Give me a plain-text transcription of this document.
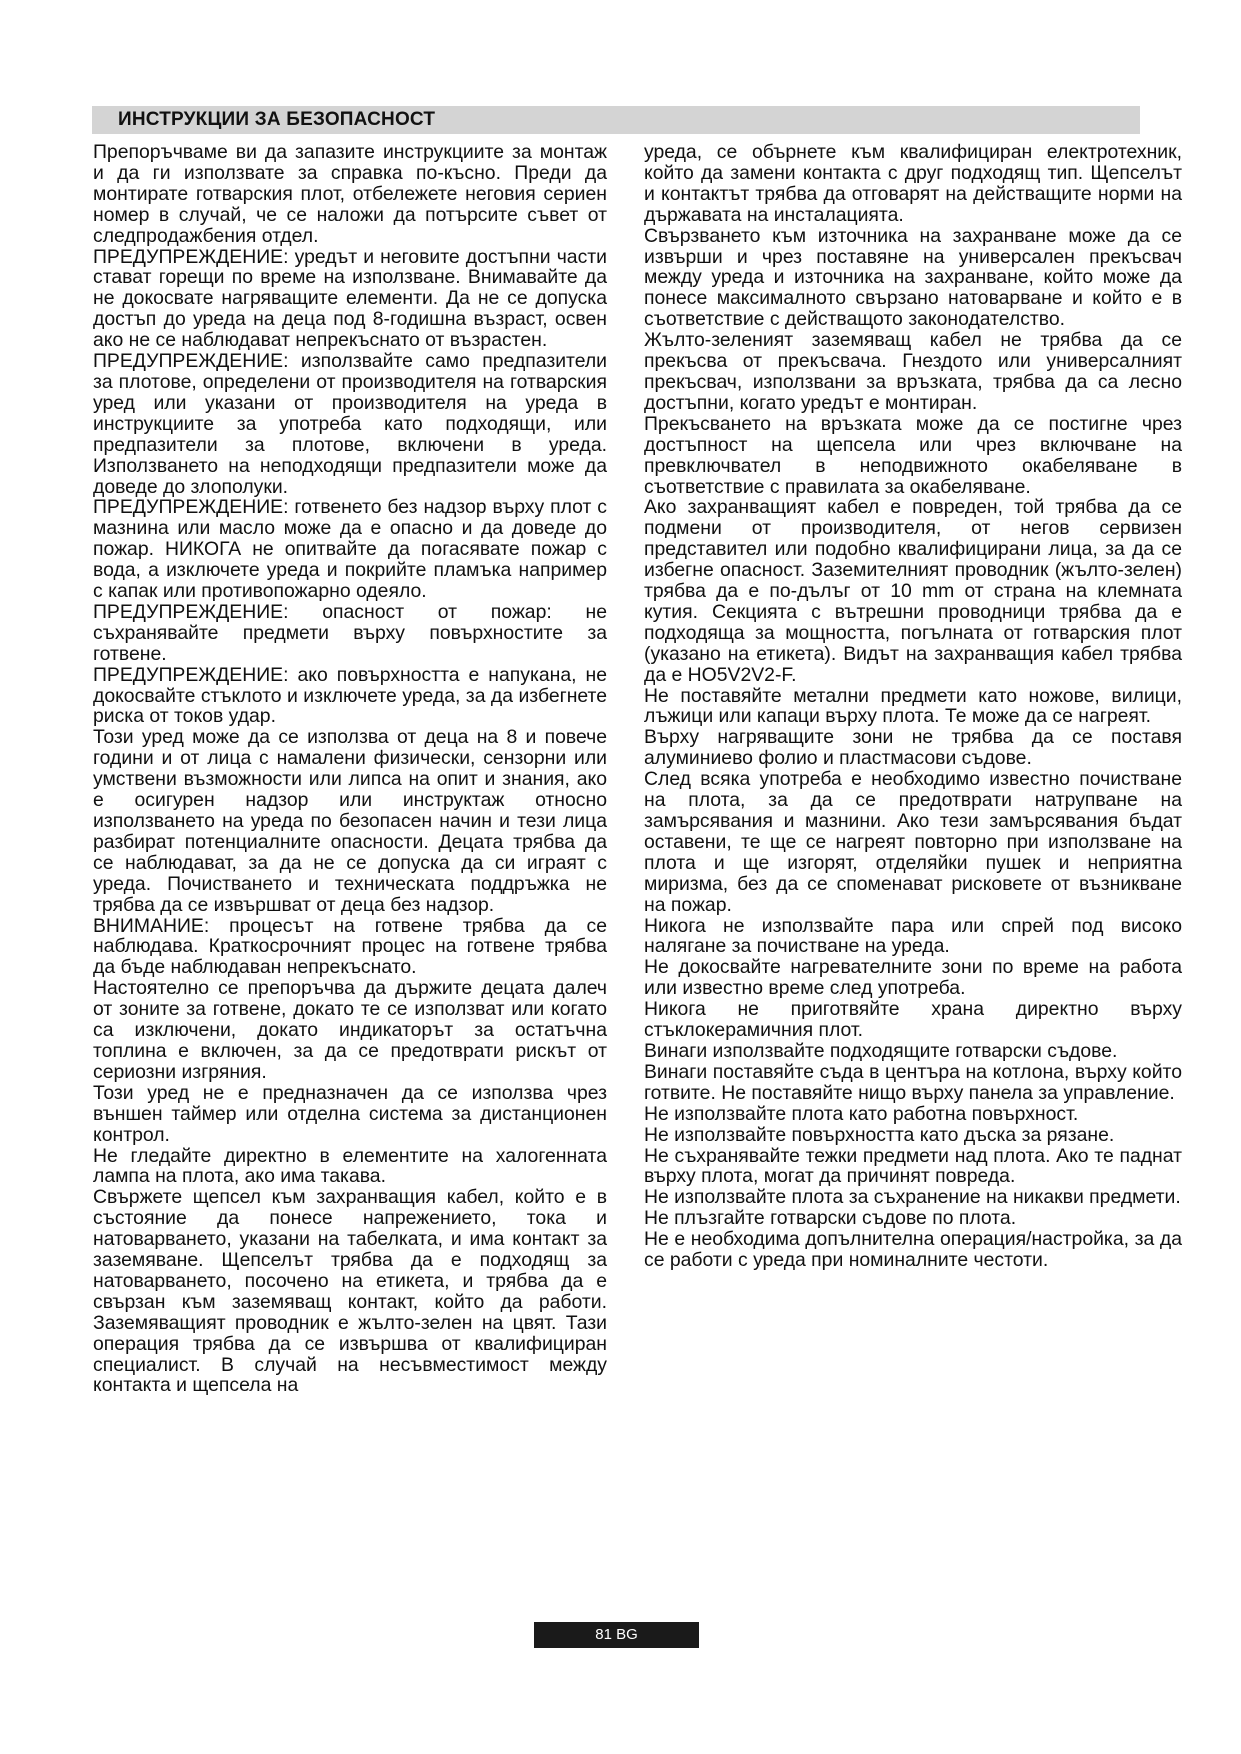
ИНСТРУКЦИИ ЗА БЕЗОПАСНОСТ

Препоръчваме ви да запазите инструкциите за монтаж и да ги използвате за справка по-късно. Преди да монтирате готварския плот, отбележете неговия сериен номер в случай, че се наложи да потърсите съвет от следпродажбения отдел.

ПРЕДУПРЕЖДЕНИЕ: уредът и неговите достъпни части стават горещи по време на използване. Внимавайте да не докосвате нагряващите елементи. Да не се допуска достъп до уреда на деца под 8-годишна възраст, освен ако не се наблюдават непрекъснато от възрастен.

ПРЕДУПРЕЖДЕНИЕ: използвайте само предпазители за плотове, определени от производителя на готварския уред или указани от производителя на уреда в инструкциите за употреба като подходящи, или предпазители за плотове, включени в уреда. Използването на неподходящи предпазители може да доведе до злополуки.

ПРЕДУПРЕЖДЕНИЕ: готвенето без надзор върху плот с мазнина или масло може да е опасно и да доведе до пожар. НИКОГА не опитвайте да погасявате пожар с вода, а изключете уреда и покрийте пламъка например с капак или противопожарно одеяло.

ПРЕДУПРЕЖДЕНИЕ: опасност от пожар: не съхранявайте предмети върху повърхностите за готвене.

ПРЕДУПРЕЖДЕНИЕ: ако повърхността е напукана, не докосвайте стъклото и изключете уреда, за да избегнете риска от токов удар.

Този уред може да се използва от деца на 8 и повече години и от лица с намалени физически, сензорни или умствени възможности или липса на опит и знания, ако е осигурен надзор или инструктаж относно използването на уреда по безопасен начин и тези лица разбират потенциалните опасности. Децата трябва да се наблюдават, за да не се допуска да си играят с уреда. Почистването и техническата поддръжка не трябва да се извършват от деца без надзор.

ВНИМАНИЕ: процесът на готвене трябва да се наблюдава. Краткосрочният процес на готвене трябва да бъде наблюдаван непрекъснато.

Настоятелно се препоръчва да държите децата далеч от зоните за готвене, докато те се използват или когато са изключени, докато индикаторът за остатъчна топлина е включен, за да се предотврати рискът от сериозни изгряния.

Този уред не е предназначен да се използва чрез външен таймер или отделна система за дистанционен контрол.

Не гледайте директно в елементите на халогенната лампа на плота, ако има такава.

Свържете щепсел към захранващия кабел, който е в състояние да понесе напрежението, тока и натоварването, указани на табелката, и има контакт за заземяване. Щепселът трябва да е подходящ за натоварването, посочено на етикета, и трябва да е свързан към заземяващ контакт, който да работи. Заземяващият проводник е жълто-зелен на цвят. Тази операция трябва да се извършва от квалифициран специалист. В случай на несъвместимост между контакта и щепсела на

уреда, се обърнете към квалифициран електротехник, който да замени контакта с друг подходящ тип. Щепселът и контактът трябва да отговарят на действащите норми на държавата на инсталацията.

Свързването към източника на захранване може да се извърши и чрез поставяне на универсален прекъсвач между уреда и източника на захранване, който може да понесе максималното свързано натоварване и който е в съответствие с действащото законодателство.

Жълто-зеленият заземяващ кабел не трябва да се прекъсва от прекъсвача. Гнездото или универсалният прекъсвач, използвани за връзката, трябва да са лесно достъпни, когато уредът е монтиран.

Прекъсването на връзката може да се постигне чрез достъпност на щепсела или чрез включване на превключвател в неподвижното окабеляване в съответствие с правилата за окабеляване.

Ако захранващият кабел е повреден, той трябва да се подмени от производителя, от негов сервизен представител или подобно квалифицирани лица, за да се избегне опасност. Заземителният проводник (жълто-зелен) трябва да е по-дълъг от 10 mm от страна на клемната кутия. Секцията с вътрешни проводници трябва да е подходяща за мощността, погълната от готварския плот (указано на етикета). Видът на захранващия кабел трябва да е HO5V2V2-F.

Не поставяйте метални предмети като ножове, вилици, лъжици или капаци върху плота. Те може да се нагреят.

Върху нагряващите зони не трябва да се поставя алуминиево фолио и пластмасови съдове.

След всяка употреба е необходимо известно почистване на плота, за да се предотврати натрупване на замърсявания и мазнини. Ако тези замърсявания бъдат оставени, те ще се нагреят повторно при използване на плота и ще изгорят, отделяйки пушек и неприятна миризма, без да се споменават рисковете от възникване на пожар.

Никога не използвайте пара или спрей под високо налягане за почистване на уреда.

Не докосвайте нагревателните зони по време на работа или известно време след употреба.

Никога не приготвяйте храна директно върху стъклокерамичния плот.

Винаги използвайте подходящите готварски съдове.

Винаги поставяйте съда в центъра на котлона, върху който готвите. Не поставяйте нищо върху панела за управление.

Не използвайте плота като работна повърхност.

Не използвайте повърхността като дъска за рязане.

Не съхранявайте тежки предмети над плота. Ако те паднат върху плота, могат да причинят повреда.

Не използвайте плота за съхранение на никакви предмети.

Не плъзгайте готварски съдове по плота.

Не е необходима допълнителна операция/настройка, за да се работи с уреда при номиналните честоти.

81 BG
